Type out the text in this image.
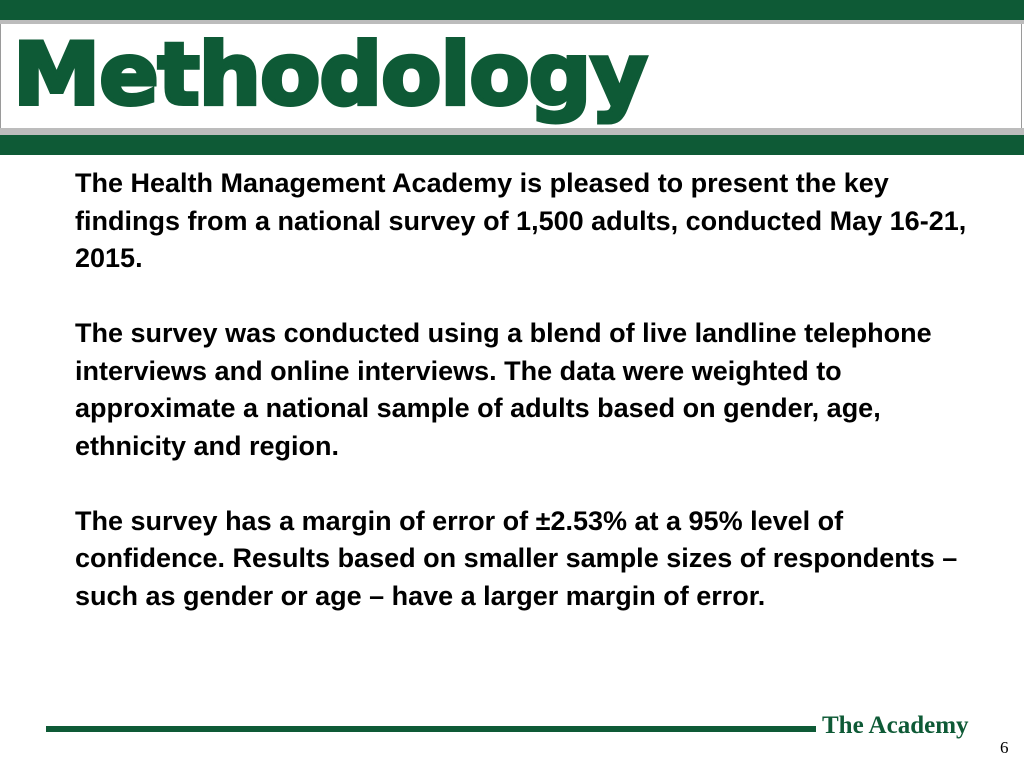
Methodology

The Health Management Academy is pleased to present the key findings from a national survey of 1,500 adults, conducted May 16-21, 2015.

The survey was conducted using a blend of live landline telephone interviews and online interviews. The data were weighted to approximate a national sample of adults based on gender, age, ethnicity and region.

The survey has a margin of error of ±2.53% at a 95% level of confidence. Results based on smaller sample sizes of respondents – such as gender or age – have a larger margin of error.

The Academy
6
